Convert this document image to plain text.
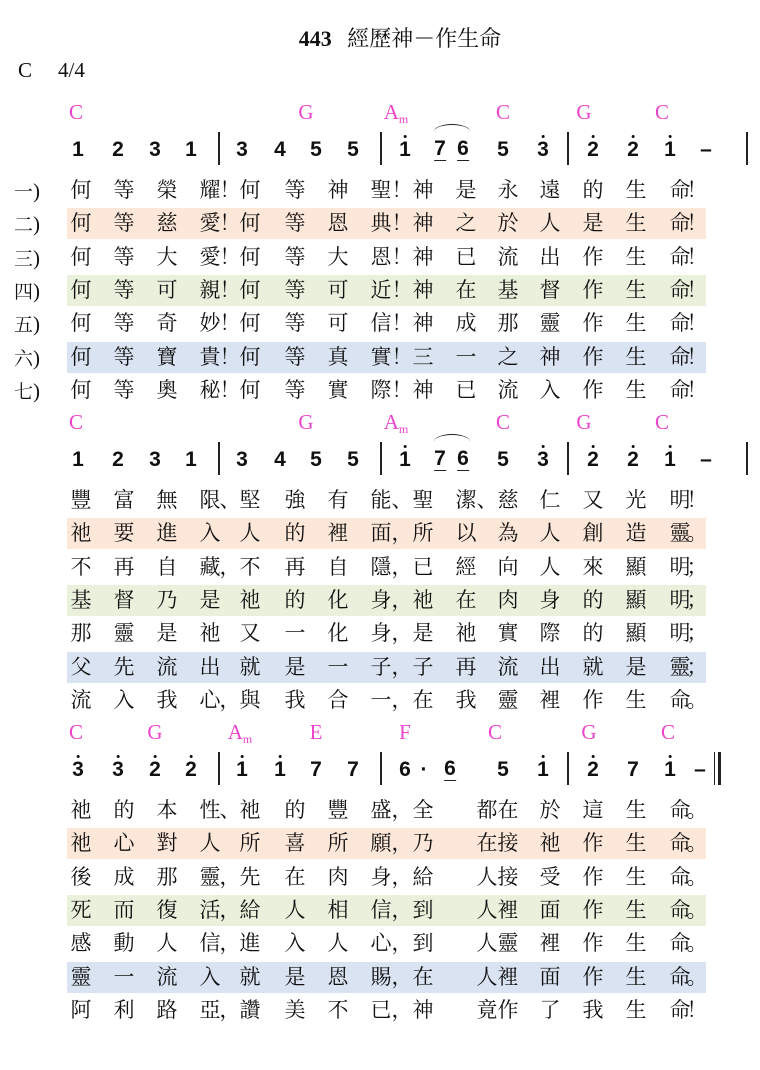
443 經歷神－作生命
C 4/4
C	G	$A_m$	C	G	C
1 2 3 1 3 4 5 5 1 7 6 5 3 2 2 1 –
一) 何 等 榮 耀 ！ 何 等 神 聖 ！ 神 是 永 遠 的 生 命
！
二) 何 等 慈 愛 ！ 何 等 恩 典 ！ 神 之 於 人 是 生 命
！
三) 何 等 大 愛 ！ 何 等 大 恩 ！ 神 已 流 出 作 生 命
！
四) 何 等 可 親 ！ 何 等 可 近 ！ 神 在 基 督 作 生 命
！
五) 何 等 奇 妙 ！ 何 等 可 信 ！ 神 成 那 靈 作 生 命
！
六) 何 等 寶 貴 ！ 何 等 真 實 ！ 三 一 之 神 作 生 命
！
七) 何 等 奧 秘 ！ 何 等 實 際 ！ 神 已 流 入 作 生 命
！
C	G	$A_m$	C	G	C
1 2 3 1 3 4 5 5 1 7 6 5 3 2 2 1 –
豐 富 無 限 、 堅 強 有 能 、 聖 潔 、 慈 仁 又 光 明
！
祂 要 進 入 人 的 裡 面 ， 所 以 為 人 創 造 靈
。
不 再 自 藏 ， 不 再 自 隱 ， 已 經 向 人 來 顯 明
；
基 督 乃 是 祂 的 化 身 ， 祂 在 肉 身 的 顯 明
；
那 靈 是 祂 又 一 化 身 ， 是 祂 實 際 的 顯 明
；
父 先 流 出 就 是 一 子 ， 子 再 流 出 就 是 靈
；
流 入 我 心 ， 與 我 合 一 ， 在 我 靈 裡 作 生 命
。
C	G	$A_m$	E	F	C	G	C
3 3 2 2 1 1 7 7 6 · 6 5 1 2 7 1 –
祂 的 本 性 、 祂 的 豐 盛 ， 全 都 在 於 這 生 命
。
祂 心 對 人 所 喜 所 願 ， 乃 在 接 祂 作 生 命
。
後 成 那 靈 ， 先 在 肉 身 ， 給 人 接 受 作 生 命
。
死 而 復 活 ， 給 人 相 信 ， 到 人 裡 面 作 生 命
。
感 動 人 信 ， 進 入 人 心 ， 到 人 靈 裡 作 生 命
。
靈 一 流 入 就 是 恩 賜 ， 在 人 裡 面 作 生 命
。
阿 利 路 亞 ， 讚 美 不 已 ， 神 竟 作 了 我 生 命
！
